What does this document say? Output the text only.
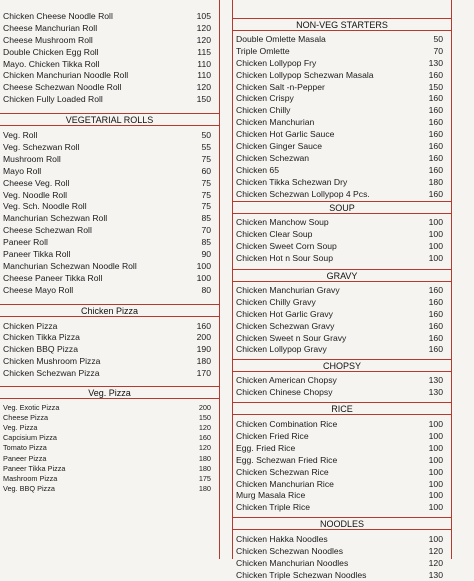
Chicken Cheese Noodle Roll	105
Cheese Manchurian Roll	120
Cheese Mushroom Roll	120
Double Chicken Egg Roll	115
Mayo. Chicken Tikka Roll	110
Chicken Manchurian Noodle Roll	110
Cheese Schezwan Noodle Roll	120
Chicken Fully Loaded Roll	150
VEGETARIAL ROLLS
Veg. Roll	50
Veg. Schezwan Roll	55
Mushroom Roll	75
Mayo Roll	60
Cheese Veg. Roll	75
Veg. Noodle Roll	75
Veg. Sch. Noodle Roll	75
Manchurian Schezwan Roll	85
Cheese Schezwan Roll	70
Paneer Roll	85
Paneer Tikka Roll	90
Manchurian Schezwan Noodle Roll	100
Cheese Paneer Tikka Roll	100
Cheese Mayo Roll	80
Chicken Pizza
Chicken Pizza	160
Chicken Tikka Pizza	200
Chicken BBQ Pizza	190
Chicken Mushroom Pizza	180
Chicken Schezwan Pizza	170
Veg. Pizza
Veg. Exotic Pizza	200
Cheese Pizza	150
Veg. Pizza	120
Capcisium Pizza	160
Tomato Pizza	120
Paneer Pizza	180
Paneer Tikka Pizza	180
Mashroom Pizza	175
Veg. BBQ Pizza	180
NON-VEG STARTERS
Double Omlette Masala	50
Triple Omlette	70
Chicken Lollypop Fry	130
Chicken Lollypop Schezwan Masala	160
Chicken Salt -n-Pepper	150
Chicken Crispy	160
Chicken Chilly	160
Chicken Manchurian	160
Chicken Hot Garlic Sauce	160
Chicken Ginger Sauce	160
Chicken Schezwan	160
Chicken 65	160
Chicken Tikka Schezwan Dry	180
Chicken Schezwan Lollypop 4 Pcs.	160
SOUP
Chicken Manchow Soup	100
Chicken Clear Soup	100
Chicken Sweet Corn Soup	100
Chicken Hot n Sour Soup	100
GRAVY
Chicken Manchurian Gravy	160
Chicken Chilly Gravy	160
Chicken Hot Garlic Gravy	160
Chicken Schezwan Gravy	160
Chicken Sweet n Sour Gravy	160
Chicken Lollypop Gravy	160
CHOPSY
Chicken American Chopsy	130
Chicken Chinese Chopsy	130
RICE
Chicken Combination Rice	100
Chicken Fried Rice	100
Egg. Fried Rice	100
Egg. Schezwan Fried Rice	100
Chicken Schezwan Rice	100
Chicken Manchurian Rice	100
Murg Masala Rice	100
Chicken Triple Rice	100
NOODLES
Chicken Hakka Noodles	100
Chicken Schezwan Noodles	120
Chicken Manchurian Noodles	120
Chicken Triple Schezwan Noodles	130
